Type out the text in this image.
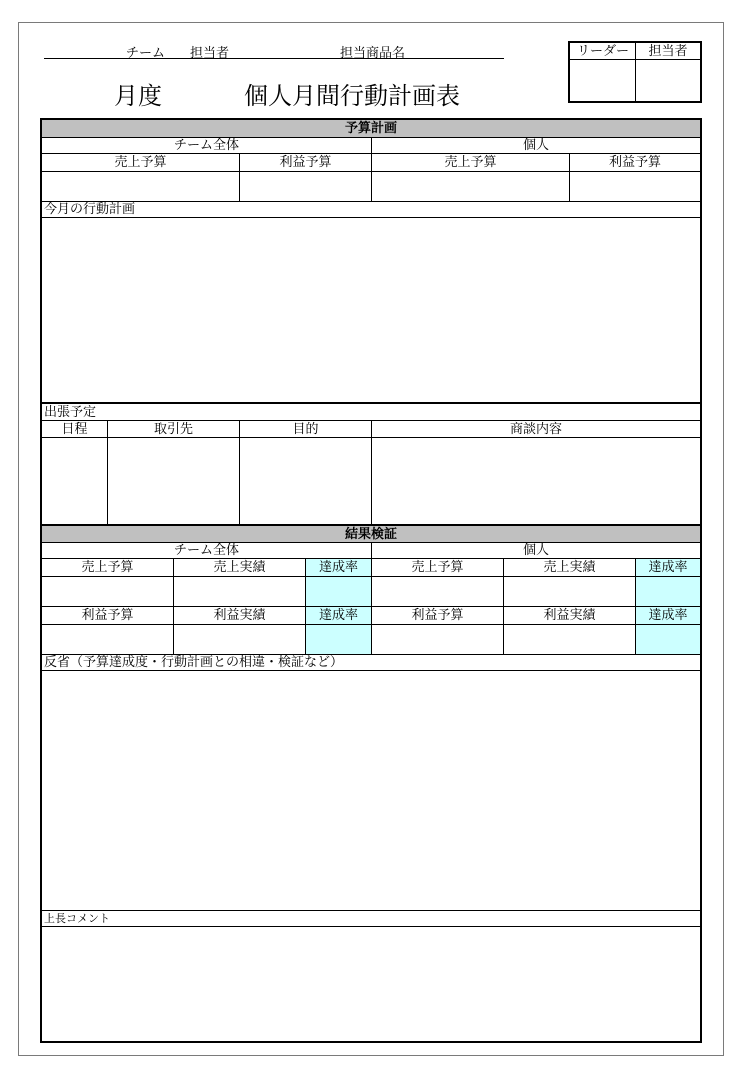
チーム 担当者	担当商品名
月度	個人月間行動計画表
リーダー	担当者
予算計画
チーム全体	個人
売上予算	利益予算	売上予算	利益予算
今月の行動計画
出張予定
日程	取引先	目的	商談内容
結果検証
チーム全体	個人
売上予算	売上実績	達成率	売上予算	売上実績	達成率
利益予算	利益実績	達成率	利益予算	利益実績	達成率
反省（予算達成度・行動計画との相違・検証など）
上長コメント
